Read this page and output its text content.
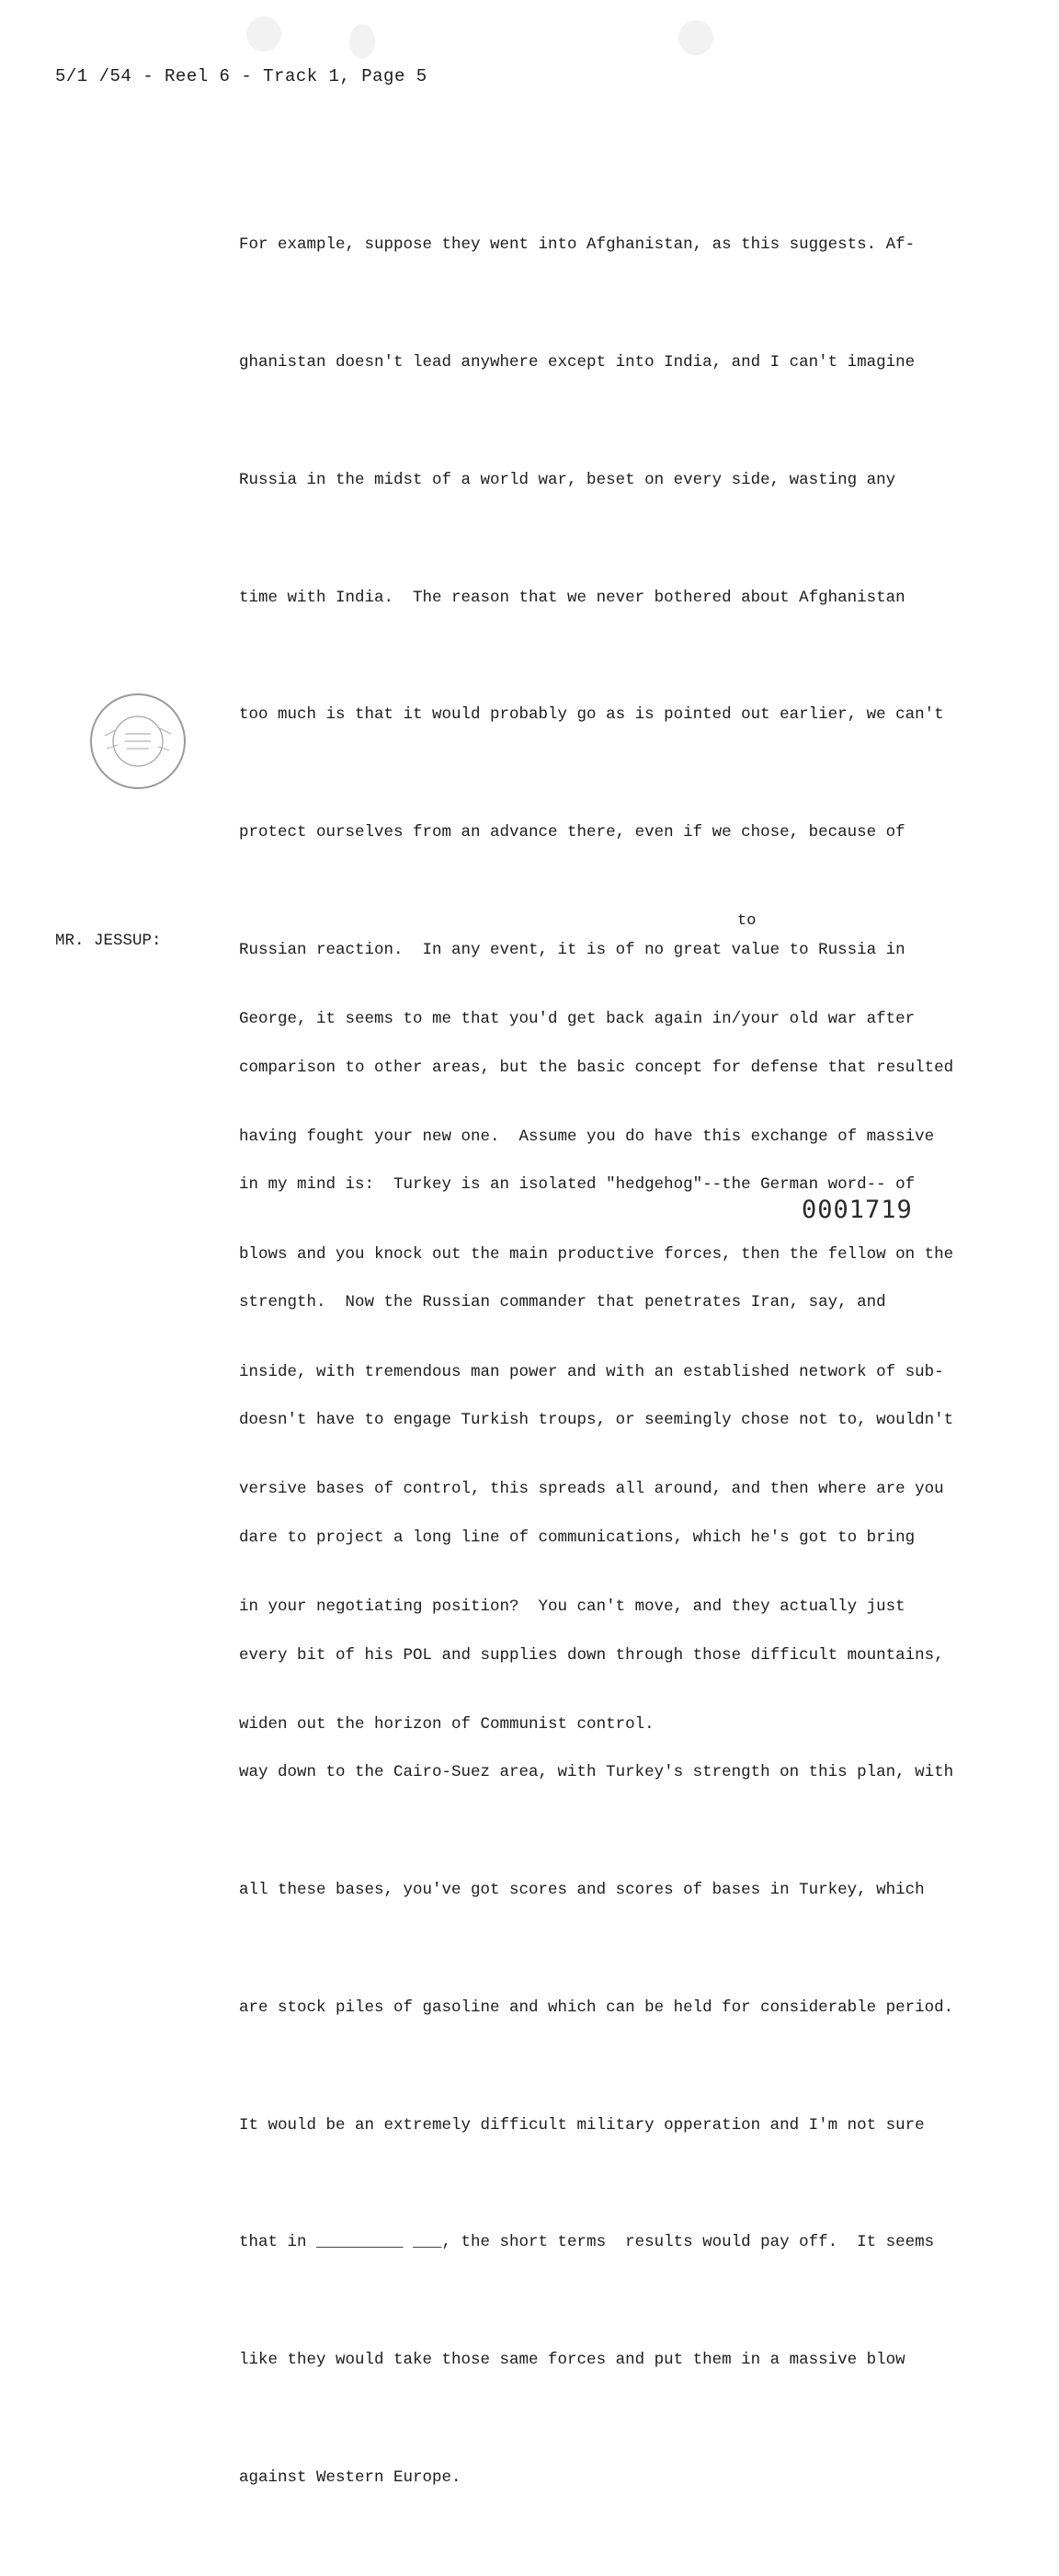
5/1 /54 - Reel 6 - Track 1, Page 5

For example, suppose they went into Afghanistan, as this suggests. Af-

ghanistan doesn't lead anywhere except into India, and I can't imagine

Russia in the midst of a world war, beset on every side, wasting any

time with India.  The reason that we never bothered about Afghanistan

too much is that it would probably go as is pointed out earlier, we can't

protect ourselves from an advance there, even if we chose, because of

Russian reaction.  In any event, it is of no great value to Russia in

comparison to other areas, but the basic concept for defense that resulted

in my mind is:  Turkey is an isolated "hedgehog"--the German word-- of

strength.  Now the Russian commander that penetrates Iran, say, and

doesn't have to engage Turkish troups, or seemingly chose not to, wouldn't

dare to project a long line of communications, which he's got to bring

every bit of his POL and supplies down through those difficult mountains,

way down to the Cairo-Suez area, with Turkey's strength on this plan, with

all these bases, you've got scores and scores of bases in Turkey, which

are stock piles of gasoline and which can be held for considerable period.

It would be an extremely difficult military opperation and I'm not sure

that in _________ ___, the short terms  results would pay off.  It seems

like they would take those same forces and put them in a massive blow

against Western Europe.

MR. JESSUP:
to

George, it seems to me that you'd get back again in/your old war after

having fought your new one.  Assume you do have this exchange of massive

blows and you knock out the main productive forces, then the fellow on the

inside, with tremendous man power and with an established network of sub-

versive bases of control, this spreads all around, and then where are you

in your negotiating position?  You can't move, and they actually just

widen out the horizon of Communist control.

0001719
